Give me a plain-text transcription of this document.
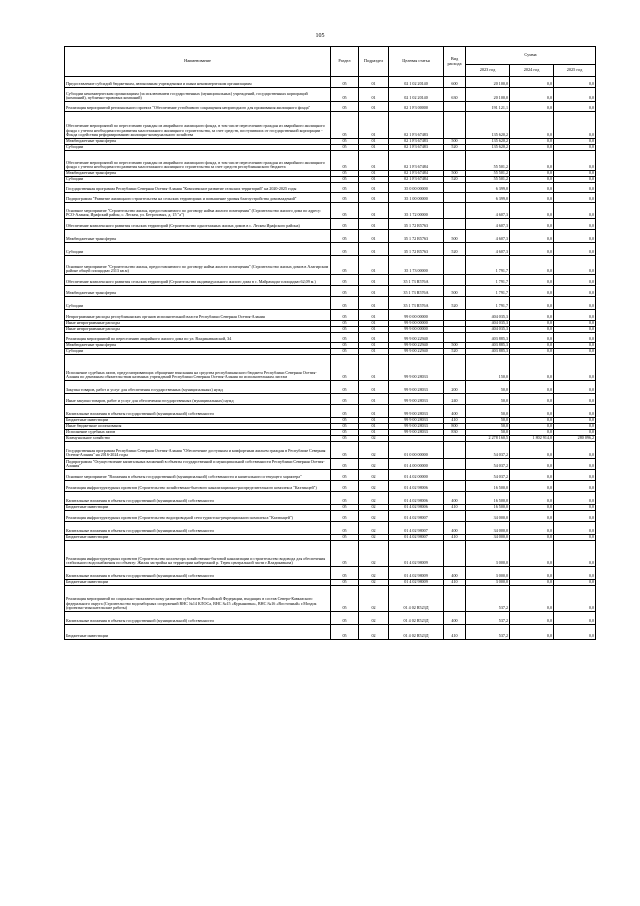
105
Наименование	Раздел	Подраздел	Целевая статья	Вид расхода	Сумма		
					2023 год	2024 год	2025 год
Предоставление субсидий бюджетным, автономным учреждениям и иным некоммерческим организациям	05	01	02 1 02 20140	600	20 100,0	0,0	0,0
Субсидии некоммерческим организациям (за исключением государственных (муниципальных) учреждений, государственных корпораций (компаний), публично-правовых компаний)	05	01	02 1 02 20140	630	20 100,0	0,0	0,0
Реализация мероприятий регионального проекта "Обеспечение устойчивого сокращения непригодного для проживания жилищного фонда"	05	01	02 1 F3 00000		191 121,1	0,0	0,0
Обеспечение мероприятий по переселению граждан из аварийного жилищного фонда, в том числе переселению граждан из аварийного жилищного фонда с учетом необходимости развития малоэтажного жилищного строительства, за счет средств, поступивших от государственной корпорации - Фонда содействия реформированию жилищно-коммунального хозяйства	05	01	02 1 F3 67483		135 620,2	0,0	0,0
Межбюджетные трансферты	05	01	02 1 F3 67483	500	135 620,2	0,0	0,0
Субсидии	05	01	02 1 F3 67483	520	135 620,2	0,0	0,0
Обеспечение мероприятий по переселению граждан из аварийного жилищного фонда, в том числе переселению граждан из аварийного жилищного фонда с учетом необходимости развития малоэтажного жилищного строительства за счет средств республиканского бюджета	05	01	02 1 F3 67484		55 501,2	0,0	0,0
Межбюджетные трансферты	05	01	02 1 F3 67484	500	55 501,2	0,0	0,0
Субсидии	05	01	02 1 F3 67484	520	55 501,2	0,0	0,0
Государственная программа Республики Северная Осетия-Алания "Комплексное развитие сельских территорий" на 2020-2025 годы	05	01	35 0 00 00000		6 399,0	0,0	0,0
Подпрограмма "Развитие жилищного строительства на сельских территориях и повышение уровня благоустройства домовладений"	05	01	35 1 00 00000		6 399,0	0,0	0,0
Основное мероприятие "Строительство жилья, предоставляемого по договору найма жилого помещения" (Строительство жилого дома по адресу: РСО-Алания, Ирафский район, с. Лескен, ул. Бетрозовых, д. 15 "а")	05	01	35 1 72 00000		4 607,3	0,0	0,0
Обеспечение комплексного развития сельских территорий (Строительство одноэтажных жилых домов в с. Лескен Ирафского района)	05	01	35 1 72 R5763		4 607,3	0,0	0,0
Межбюджетные трансферты	05	01	35 1 72 R5763	500	4 607,3	0,0	0,0
Субсидии	05	01	35 1 72 R5763	520	4 607,3	0,0	0,0
Основное мероприятие "Строительство жилья, предоставляемого по договору найма жилого помещения" (Строительство жилых домов в Алагирском районе общей площадью 2313 кв.м)	05	01	35 1 73 00000		1 791,7	0,0	0,0
Обеспечение комплексного развития сельских территорий (Строительство индивидуального жилого дома в с. Майрамадаг площадью 62,09 м.)	05	01	35 1 73 R576A		1 791,7	0,0	0,0
Межбюджетные трансферты	05	01	35 1 73 R576A	500	1 791,7	0,0	0,0
Субсидии	05	01	35 1 73 R576A	520	1 791,7	0,0	0,0
Непрограммные расходы республиканских органов исполнительной власти Республики Северная Осетия-Алания	05	01	99 0 00 00000		404 035,3	0,0	0,0
Иные непрограммные расходы	05	01	99 9 00 00000		404 035,3	0,0	0,0
Иные непрограммные расходы	05	01	99 9 00 00000		404 035,3	0,0	0,0
Реализация мероприятий по переселению аварийного жилого дома по ул. Владикавказской, 34	05	01	99 9 00 22940		403 885,3	0,0	0,0
Межбюджетные трансферты	05	01	99 9 00 22940	500	403 885,3	0,0	0,0
Субсидии	05	01	99 9 00 22940	520	403 885,3	0,0	0,0
Исполнение судебных актов, предусматривающих обращение взыскания на средства республиканского бюджета Республики Северная Осетия-Алания по денежным обязательствам казенных учреждений Республики Северная Осетия-Алания по исполнительным листам	05	01	99 9 00 28033		150,0	0,0	0,0
Закупка товаров, работ и услуг для обеспечения государственных (муниципальных) нужд	05	01	99 9 00 28033	200	50,0	0,0	0,0
Иные закупки товаров, работ и услуг для обеспечения государственных (муниципальных) нужд	05	01	99 9 00 28033	240	50,0	0,0	0,0
Капитальные вложения в объекты государственной (муниципальной) собственности	05	01	99 9 00 28033	400	50,0	0,0	0,0
Бюджетные инвестиции	05	01	99 9 00 28033	410	50,0	0,0	0,0
Иные бюджетные ассигнования	05	01	99 9 00 28033	800	50,0	0,0	0,0
Исполнение судебных актов	05	01	99 9 00 28033	830	50,0	0,0	0,0
Коммунальное хозяйство	05	02			2 278 160,5	1 802 914,0	280 096,2
Государственная программа Республики Северная Осетия-Алания "Обеспечение доступным и комфортным жильем граждан в Республике Северная Осетия-Алания" на 2016-2024 годы	05	02	01 0 00 00000		54 037,2	0,0	0,0
Подпрограмма "Осуществление капитальных вложений в объекты государственной и муниципальной собственности Республики Северная Осетия-Алания"	05	02	01 4 00 00000		54 037,2	0,0	0,0
Основное мероприятие "Вложения в объекты государственной (муниципальной) собственности и капитального и текущего характера"	05	02	01 4 02 00000		54 037,2	0,0	0,0
Реализация инфраструктурных проектов (Строительство хозяйственно-бытового канализационно-распределительного комплекса "Кахтинцей")	05	02	01 4 02 98006		16 500,0	0,0	0,0
Капитальные вложения в объекты государственной (муниципальной) собственности	05	02	01 4 02 98006	400	16 500,0	0,0	0,0
Бюджетные инвестиции	05	02	01 4 02 98006	410	16 500,0	0,0	0,0
Реализация инфраструктурных проектов (Строительство водопроводной сети туристско-рекреационного комплекса "Кахтинцей")	05	02	01 4 02 98007		34 000,0	0,0	0,0
Капитальные вложения в объекты государственной (муниципальной) собственности	05	02	01 4 02 98007	400	34 000,0	0,0	0,0
Бюджетные инвестиции	05	02	01 4 02 98007	410	34 000,0	0,0	0,0
Реализация инфраструктурных проектов (Строительство коллектора хозяйственно-бытовой канализации и строительство водовода для обеспечения стабильного водоснабжения по объекту: Жилая застройка на территории набережной р. Терек центральной части г.Владикавказа)	05	02	01 4 02 98009		3 000,0	0,0	0,0
Капитальные вложения в объекты государственной (муниципальной) собственности	05	02	01 4 02 98009	400	3 000,0	0,0	0,0
Бюджетные инвестиции	05	02	01 4 02 98009	410	3 000,0	0,0	0,0
Реализация мероприятий по социально-экономическому развитию субъектов Российской Федерации, входящих в состав Северо-Кавказского федерального округа (Строительство водозаборных сооружений ВНС №14 КЛОСа, ВНС №15 «Курьяновка», ВНС №16 «Восточный» г.Моздок (проектно-изыскательские работы)	05	02	01 4 02 R523Д		537,2	0,0	0,0
Капитальные вложения в объекты государственной (муниципальной) собственности	05	02	01 4 02 R523Д	400	537,2	0,0	0,0
Бюджетные инвестиции	05	02	01 4 02 R523Д	410	537,2	0,0	0,0
